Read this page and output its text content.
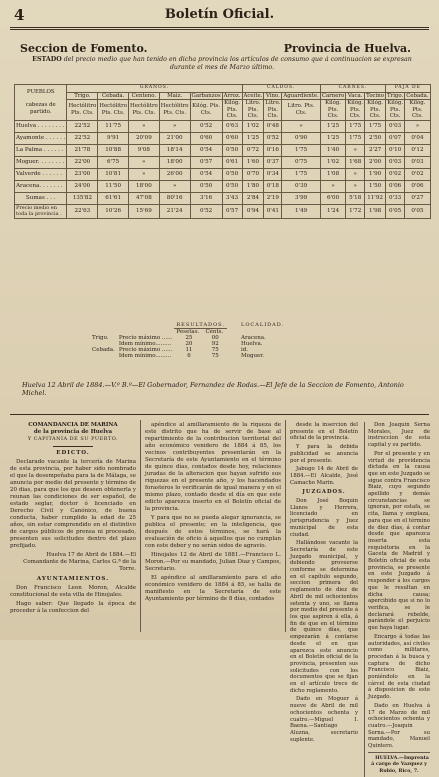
4	Boletín Oficial.
Seccion de Fomento.	Provincia de Huelva.
ESTADO del precio medio que han tenido en dicha provincia los artículos de consumo que á continuacion se expresan durante el mes de Marzo último.
PUEBLOS

cabezas de partido.	GRANOS.						CALDOS.			CARNES.			PAJA DE	
	Trigo.	Cebada.	Centeno.	Maiz.	Garbanzos	Arroz.	Aceite.	Vino.	Aguardiente.	Carnero	Vaca.	Tocino	Trigo.	Cebada.
	Hectólitro Pts. Cts.	Hectólitro Pts. Cts.	Hectólitro Pts. Cts.	Hectólitro Pts. Cts.	Kilóg. Pts. Cts.	Kilóg. Pts. Cts.	Litro. Pts. Cts.	Litro. Pts. Cts.	Litro. Pts. Cts.	Kilóg. Pts. Cts.	Kilóg. Pts. Cts.	Kilóg. Pts. Cts.	Kilóg. Pts. Cts.	Kilóg. Pts. Cts.
Huelva . . . . . . . .	22'52	11'75	»	»	0'52	0'63	1'02	0'48	»	1'25	1'75	1'75	0'03	»
Ayamonte . . . . . .	22'52	9'91	20'09	21'00	0'60	0'60	1'25	0'52	0'90	1'25	1'75	2'50	0'07	0'04
La Palma . . . . . .	21'78	10'88	9'08	18'14	0'54	0'50	0'72	0'16	1'75	1'40	»	2'27	0'10	0'12
Moguer. . . . . . . .	22'00	6'75	»	18'00	0'57	0'61	1'60	0'37	0'75	1'02	1'68	2'00	0'03	0'03
Valverde . . . . . .	23'00	10'81	»	26'00	0'54	0'50	0'70	0'34	1'75	1'08	»	1'90	0'02	0'02
Aracena. . . . . . .	24'00	11'50	18'00	»	0'50	0'50	1'80	0'18	0'39	»	»	1'50	0'06	0'06
Sumas . . .	135'82	61'61	47'08	80'16	3'16	3'43	2'84	2'19	3'99	6'00	5'18	11'92	0'33	0'27
Precio medio en toda la provincia .	22'63	10'26	15'69	21'24	0'52	0'57	0'94	0'41	1'49	1'24	1'72	1'98	0'05	0'05
		RESULTADOS.		LOCALIDAD.
		Pesetas.	Cénts.	
Trigo.	Precio máximo ......	25	00	Aracena.
	Idem mínimo.........	20	92	Huelva.
Cebada.	Precio máximo ......	11	75	id.
	Idem mínimo.........	6	75	Moguer.
Huelva 12 Abril de 1884.—V.º B.º—El Gobernador, Fernandez de Rodas.—El Jefe de la Seccion de Fomento, Antonio Michel.
COMANDANCIA DE MARINA
de la provincia de Huelva
Y CAPITANÍA DE SU PUERTO.
EDICTO.

Declarado vacante la tercería de Marina de esta provincia, por haber sido nombrado el que la desempeñaba para la de Málaga, se anuncia por medio del presente y término de 20 dias, para que los que deseen obtenerla y reunan las condiciones de ser español, de estado seglar, doctor ó licenciado en Derecho Civil y Canónico, de buena conducta, haber cumplido la edad de 25 años, sin estar comprendido en el distintivo de cargos públicos de prensa ni procesado, presenten sus solicitudes dentro del plazo prefijado.

Huelva 17 de Abril de 1884.—El Comandante de Marina, Carlos G.ª de la Torre.

AYUNTAMIENTOS.

Don Francisco Leon Moron, Alcalde constitucional de esta villa de Hinojales.

Hago saber: Que llegado la época de proceder á la confeccion del

apéndice al amillaramiento de la riqueza de este distrito que ha de servir de base al repartimiento de la contribucion territorial del año económico venidero de 1884 á 85, los vecinos contribuyentes presentarán en la Secretaría de este Ayuntamiento en el término de quince días, contados desde hoy, relaciones juradas de la alteracion que hayan sufrido sus riquezas en el presente año, y los hacendados forasteros lo verificarán de igual manera y en el mismo plazo, contado desde el día en que este edicto aparezca inserto en el Boletín oficial de la provincia.

Y para que no se pueda alegar ignorancia, se publica el presente; en la inteligencia, que después de estos términos, se hará la evaluación de oficio á aquellos que no cumplan con este deber y no serán oidos de agravio.

Hinojales 12 de Abril de 1881.—Francisco L. Moron.—Por su mandado, Julian Diaz y Campos, Secretario.

El apéndice al amillaramiento para el año económico venidero de 1884 á 85, se halla de manifiesto en la Secretaría de este Ayuntamiento por término de 8 días, contados

desde la insercion del presente en el Boletín oficial de la provincia.

Y para la debida publicidad se anuncia por el presente.

Jabugo 14 de Abril de 1884.—El Alcalde, José Camacho Marin.

JUZGADOS.

Don José Boquin Llanos y Herrera, licenciado en jurisprudencia y Juez municipal de esta ciudad.

Hallándose vacante la Secretaría de este Juzgado municipal, y debiendo proveerse conforme se determina en el capítulo segundo, seccion primera del reglamento de diez de Abril de mil ochocientos setenta y uno, se llama por medio del presente á los que aspiren á ella, á fin de que en el término de quince días, que empezarán á contarse desde el en que aparezca este anuncio en el Boletín oficial de la provincia, presenten sus solicitudes con los documentos que se fijan en el artículo trece de dicho reglamento.

Dado en Moguer á nueve de Abril de mil ochocientos ochenta y cuatro.—Miguel I. Baena.—Santiago Aluzna, secretario suplente.

Don Joaquin Serna Morales, Juez de instruccion de esta capital y su partido.

Por el presente y en virtud de providencia dictada en la causa que en este Juzgado se sigue contra Francisco Biaiz, cuyo segundo apellido y demás circunstancias se ignoran, por estafa, se cita, llama y emplaza, para que en el término de diez días, á contar desde que aparezca inserta esta requisitoria en la Gaceta de Madrid y Boletín oficial de esta provincia, se presente en este Juzgado á responder á los cargos que le resultan en dicha causa; apercibido que si no lo verifica, se le declarará rebelde, parándole el perjuicio que haya lugar.

Encargo á todas las autoridades, así civiles como militares, procedan á la busca y captura de dicho Francisco Biaiz, poniéndolo en la cárcel de esta ciudad á disposicion de este Juzgado.

Dado en Huelva á 17 de Marzo de mil ochocientos ochenta y cuatro.—Joaquin Serna.—Por su mandado, Manuel Quintero.

HUELVA.—Imprenta á cargo de Vazquez y Rubio, Rico, 7.
